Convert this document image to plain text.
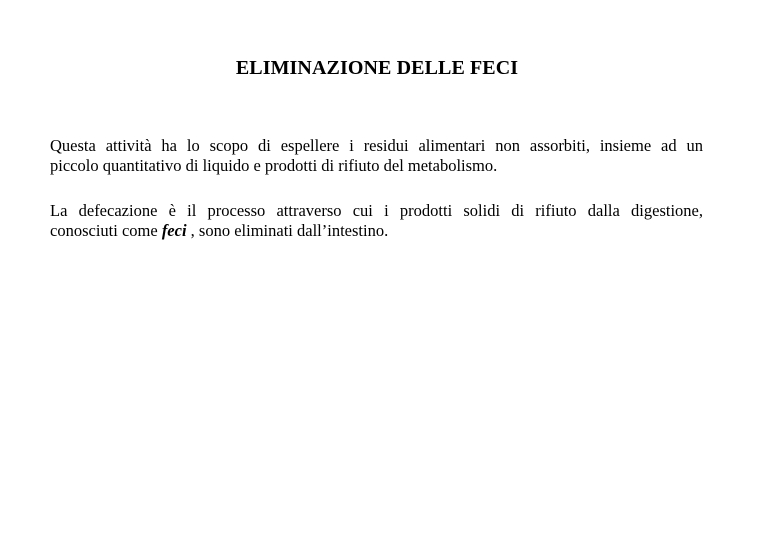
ELIMINAZIONE DELLE FECI
Questa attività ha lo scopo di espellere i residui alimentari non assorbiti, insieme ad un
piccolo quantitativo di liquido e prodotti di rifiuto del metabolismo.
La defecazione è il processo attraverso cui i prodotti solidi di rifiuto dalla digestione,
conosciuti come feci , sono eliminati dall’intestino.
